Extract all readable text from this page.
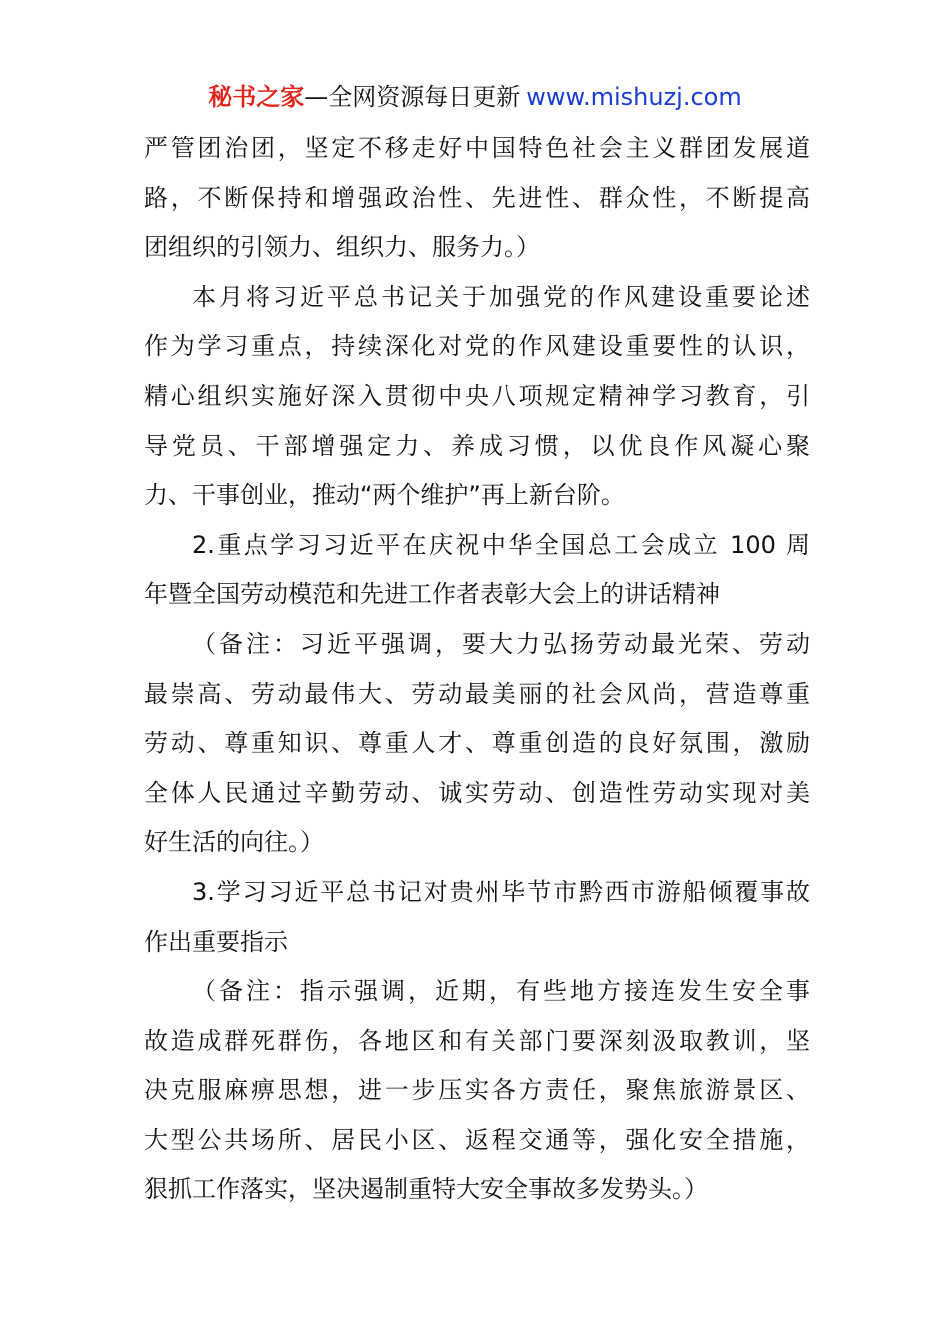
秘书之家—全网资源每日更新 www.mishuzj.com
严管团治团，坚定不移走好中国特色社会主义群团发展道
路，不断保持和增强政治性、先进性、群众性，不断提高
团组织的引领力、组织力、服务力。）
本月将习近平总书记关于加强党的作风建设重要论述
作为学习重点，持续深化对党的作风建设重要性的认识，
精心组织实施好深入贯彻中央八项规定精神学习教育，引
导党员、干部增强定力、养成习惯，以优良作风凝心聚
力、干事创业，推动“两个维护”再上新台阶。
2.重点学习习近平在庆祝中华全国总工会成立 100 周
年暨全国劳动模范和先进工作者表彰大会上的讲话精神
（备注：习近平强调，要大力弘扬劳动最光荣、劳动
最崇高、劳动最伟大、劳动最美丽的社会风尚，营造尊重
劳动、尊重知识、尊重人才、尊重创造的良好氛围，激励
全体人民通过辛勤劳动、诚实劳动、创造性劳动实现对美
好生活的向往。）
3.学习习近平总书记对贵州毕节市黔西市游船倾覆事故
作出重要指示
（备注：指示强调，近期，有些地方接连发生安全事
故造成群死群伤，各地区和有关部门要深刻汲取教训，坚
决克服麻痹思想，进一步压实各方责任，聚焦旅游景区、
大型公共场所、居民小区、返程交通等，强化安全措施，
狠抓工作落实，坚决遏制重特大安全事故多发势头。）
